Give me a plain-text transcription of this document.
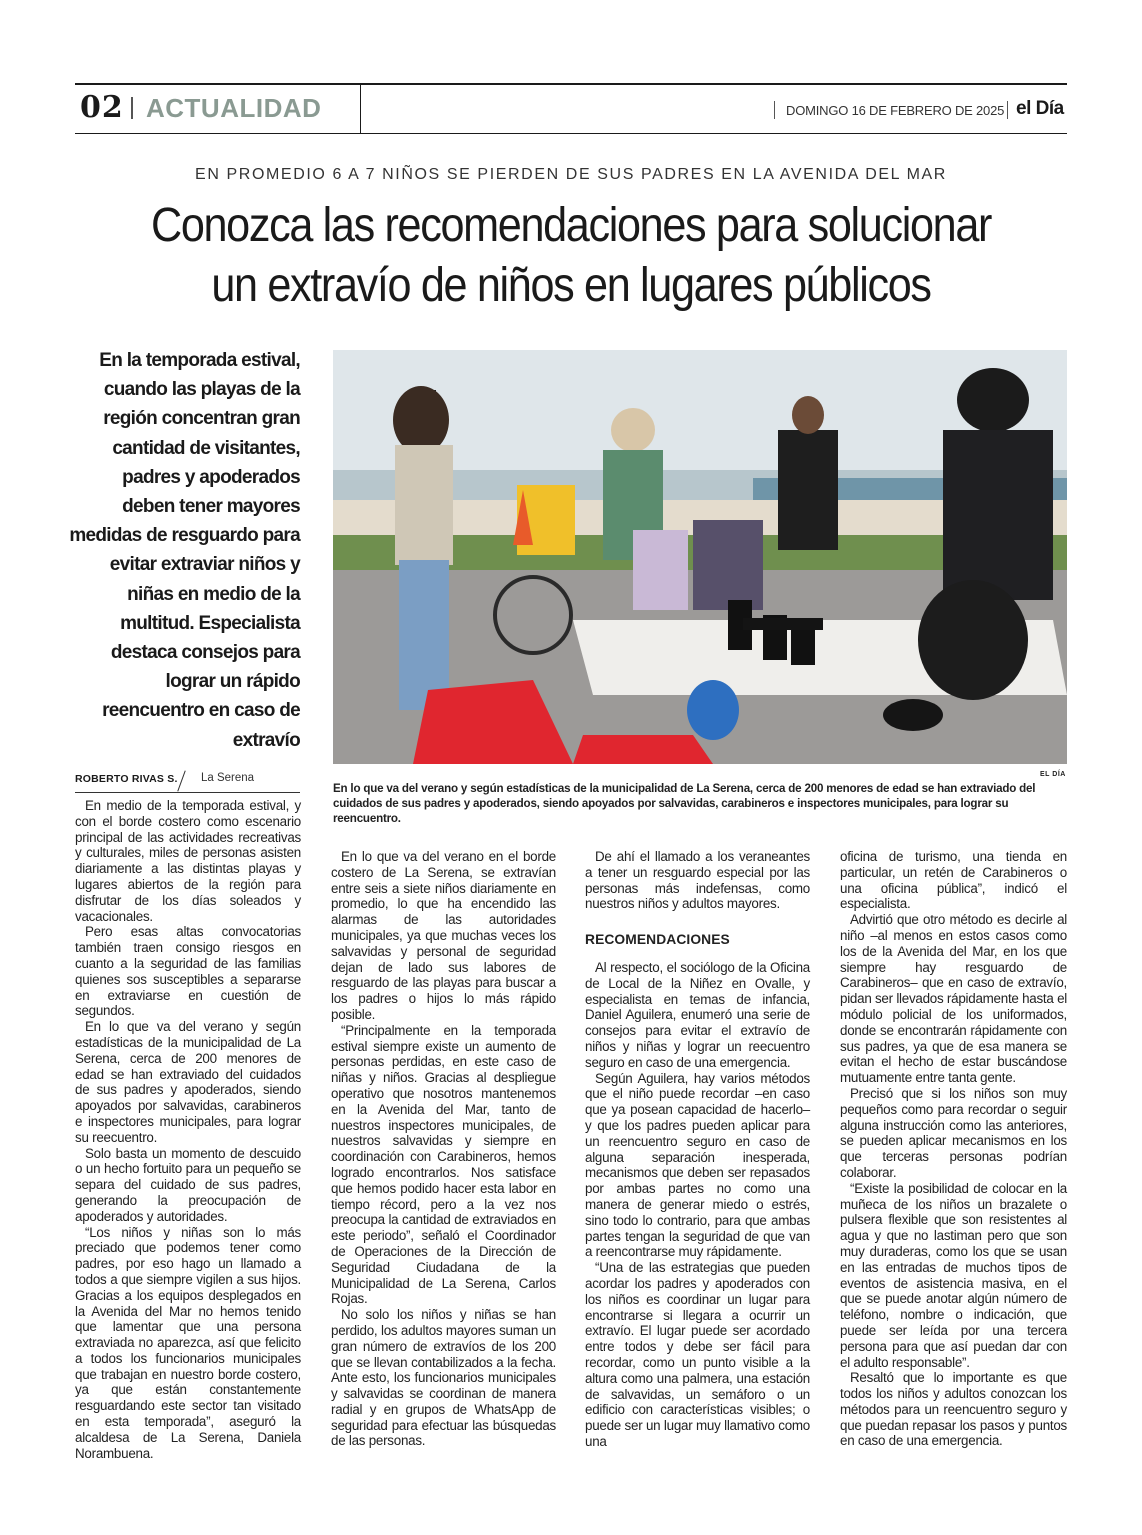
02 ACTUALIDAD	DOMINGO 16 DE FEBRERO DE 2025 el Día
EN PROMEDIO 6 A 7 NIÑOS SE PIERDEN DE SUS PADRES EN LA AVENIDA DEL MAR
Conozca las recomendaciones para solucionar
un extravío de niños en lugares públicos
En la temporada estival, cuando las playas de la región concentran gran cantidad de visitantes, padres y apoderados deben tener mayores medidas de resguardo para evitar extraviar niños y niñas en medio de la multitud. Especialista destaca consejos para lograr un rápido reencuentro en caso de extravío
EL DÍA
En lo que va del verano y según estadísticas de la municipalidad de La Serena, cerca de 200 menores de edad se han extraviado del cuidados de sus padres y apoderados, siendo apoyados por salvavidas, carabineros e inspectores municipales, para lograr su reencuentro.
ROBERTO RIVAS S. La Serena

En medio de la temporada estival, y con el borde costero como escenario principal de las actividades recreativas y culturales, miles de personas asisten diariamente a las distintas playas y lugares abiertos de la región para disfrutar de los días soleados y vacacionales.

Pero esas altas convocatorias también traen consigo riesgos en cuanto a la seguridad de las familias quienes sos susceptibles a separarse en extraviarse en cuestión de segundos.

En lo que va del verano y según estadísticas de la municipalidad de La Serena, cerca de 200 menores de edad se han extraviado del cuidados de sus padres y apoderados, siendo apoyados por salvavidas, carabineros e inspectores municipales, para lograr su reecuentro.

Solo basta un momento de descuido o un hecho fortuito para un pequeño se separa del cuidado de sus padres, generando la preocupación de apoderados y autoridades.

“Los niños y niñas son lo más preciado que podemos tener como padres, por eso hago un llamado a todos a que siempre vigilen a sus hijos. Gracias a los equipos desplegados en la Avenida del Mar no hemos tenido que lamentar que una persona extraviada no aparezca, así que felicito a todos los funcionarios municipales que trabajan en nuestro borde costero, ya que están constantemente resguardando este sector tan visitado en esta temporada”, aseguró la alcaldesa de La Serena, Daniela Norambuena.

En lo que va del verano en el borde costero de La Serena, se extravían entre seis a siete niños diariamente en promedio, lo que ha encendido las alarmas de las autoridades municipales, ya que muchas veces los salvavidas y personal de seguridad dejan de lado sus labores de resguardo de las playas para buscar a los padres o hijos lo más rápido posible.

“Principalmente en la temporada estival siempre existe un aumento de personas perdidas, en este caso de niñas y niños. Gracias al despliegue operativo que nosotros mantenemos en la Avenida del Mar, tanto de nuestros inspectores municipales, de nuestros salvavidas y siempre en coordinación con Carabineros, hemos logrado encontrarlos. Nos satisface que hemos podido hacer esta labor en tiempo récord, pero a la vez nos preocupa la cantidad de extraviados en este periodo”, señaló el Coordinador de Operaciones de la Dirección de Seguridad Ciudadana de la Municipalidad de La Serena, Carlos Rojas.

No solo los niños y niñas se han perdido, los adultos mayores suman un gran número de extravíos de los 200 que se llevan contabilizados a la fecha. Ante esto, los funcionarios municipales y salvavidas se coordinan de manera radial y en grupos de WhatsApp de seguridad para efectuar las búsquedas de las personas.

De ahí el llamado a los veraneantes a tener un resguardo especial por las personas más indefensas, como nuestros niños y adultos mayores.

RECOMENDACIONES

Al respecto, el sociólogo de la Oficina de Local de la Niñez en Ovalle, y especialista en temas de infancia, Daniel Aguilera, enumeró una serie de consejos para evitar el extravío de niños y niñas y lograr un reecuentro seguro en caso de una emergencia.

Según Aguilera, hay varios métodos que el niño puede recordar –en caso que ya posean capacidad de hacerlo– y que los padres pueden aplicar para un reencuentro seguro en caso de alguna separación inesperada, mecanismos que deben ser repasados por ambas partes no como una manera de generar miedo o estrés, sino todo lo contrario, para que ambas partes tengan la seguridad de que van a reencontrarse muy rápidamente.

“Una de las estrategias que pueden acordar los padres y apoderados con los niños es coordinar un lugar para encontrarse si llegara a ocurrir un extravío. El lugar puede ser acordado entre todos y debe ser fácil para recordar, como un punto visible a la altura como una palmera, una estación de salvavidas, un semáforo o un edificio con características visibles; o puede ser un lugar muy llamativo como una

oficina de turismo, una tienda en particular, un retén de Carabineros o una oficina pública”, indicó el especialista.

Advirtió que otro método es decirle al niño –al menos en estos casos como los de la Avenida del Mar, en los que siempre hay resguardo de Carabineros– que en caso de extravío, pidan ser llevados rápidamente hasta el módulo policial de los uniformados, donde se encontrarán rápidamente con sus padres, ya que de esa manera se evitan el hecho de estar buscándose mutuamente entre tanta gente.

Precisó que si los niños son muy pequeños como para recordar o seguir alguna instrucción como las anteriores, se pueden aplicar mecanismos en los que terceras personas podrían colaborar.

“Existe la posibilidad de colocar en la muñeca de los niños un brazalete o pulsera flexible que son resistentes al agua y que no lastiman pero que son muy duraderas, como los que se usan en las entradas de muchos tipos de eventos de asistencia masiva, en el que se puede anotar algún número de teléfono, nombre o indicación, que puede ser leída por una tercera persona para que así puedan dar con el adulto responsable”.

Resaltó que lo importante es que todos los niños y adultos conozcan los métodos para un reencuentro seguro y que puedan repasar los pasos y puntos en caso de una emergencia.
